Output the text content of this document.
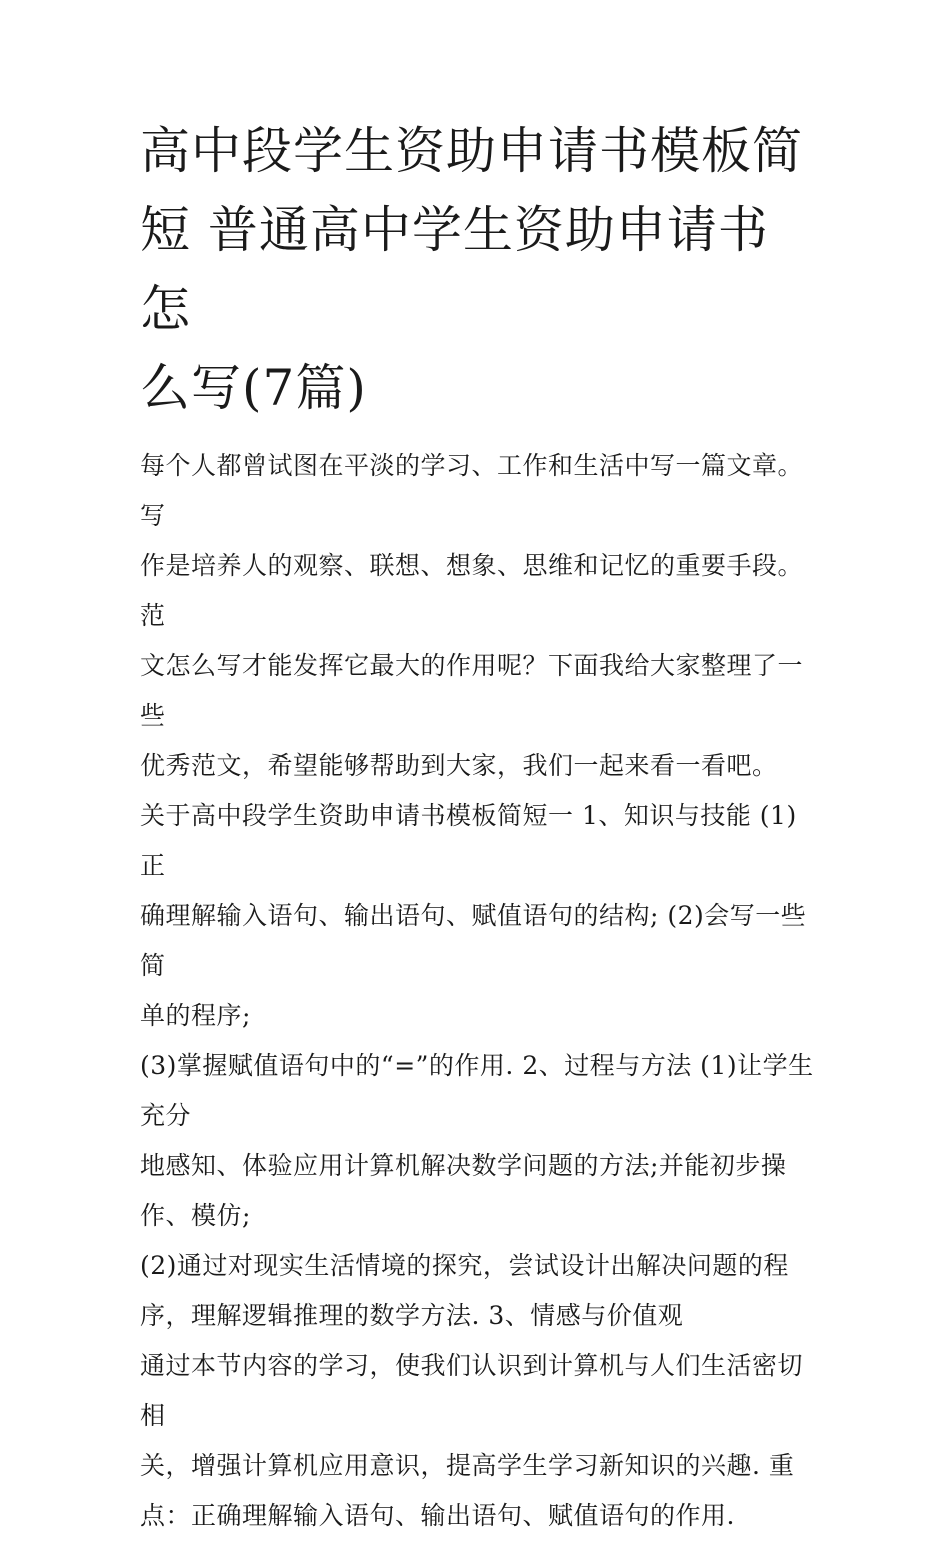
高中段学生资助申请书模板简
短 普通高中学生资助申请书怎
么写(7篇)

每个人都曾试图在平淡的学习、工作和生活中写一篇文章。写
作是培养人的观察、联想、想象、思维和记忆的重要手段。范
文怎么写才能发挥它最大的作用呢？下面我给大家整理了一些
优秀范文，希望能够帮助到大家，我们一起来看一看吧。

关于高中段学生资助申请书模板简短一 1、知识与技能 (1)正
确理解输入语句、输出语句、赋值语句的结构; (2)会写一些简
单的程序;
(3)掌握赋值语句中的“=”的作用. 2、过程与方法 (1)让学生充分
地感知、体验应用计算机解决数学问题的方法;并能初步操
作、模仿;
(2)通过对现实生活情境的探究，尝试设计出解决问题的程
序，理解逻辑推理的数学方法. 3、情感与价值观
通过本节内容的学习，使我们认识到计算机与人们生活密切相
关，增强计算机应用意识，提高学生学习新知识的兴趣. 重
点：正确理解输入语句、输出语句、赋值语句的作用.
